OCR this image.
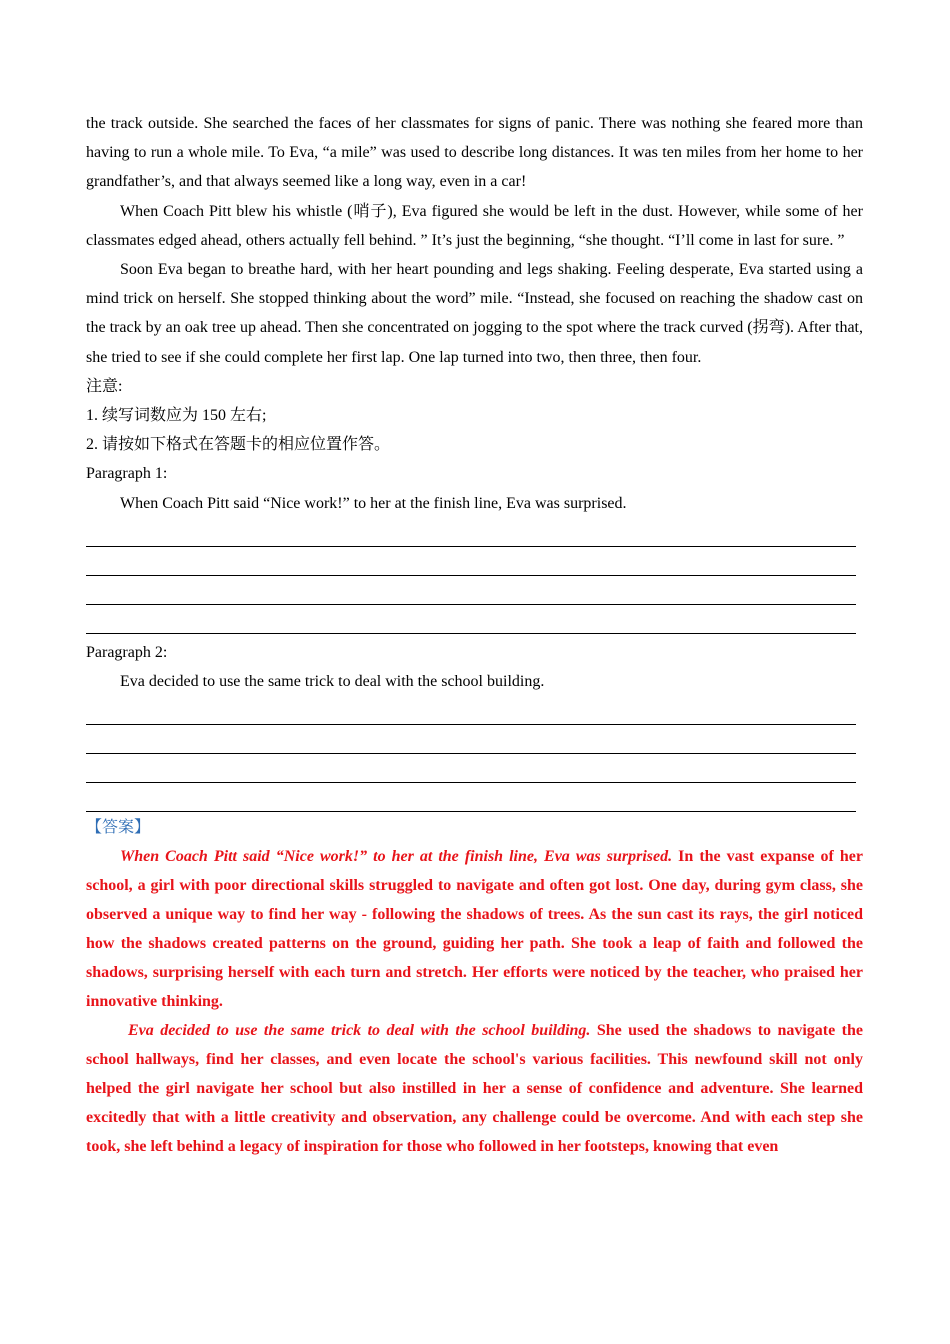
the track outside. She searched the faces of her classmates for signs of panic. There was nothing she feared more than having to run a whole mile. To Eva, “a mile” was used to describe long distances. It was ten miles from her home to her grandfather’s, and that always seemed like a long way, even in a car!

When Coach Pitt blew his whistle (哨子), Eva figured she would be left in the dust. However, while some of her classmates edged ahead, others actually fell behind. ” It’s just the beginning, “she thought. “I’ll come in last for sure. ”

Soon Eva began to breathe hard, with her heart pounding and legs shaking. Feeling desperate, Eva started using a mind trick on herself. She stopped thinking about the word” mile. “Instead, she focused on reaching the shadow cast on the track by an oak tree up ahead. Then she concentrated on jogging to the spot where the track curved (拐弯). After that, she tried to see if she could complete her first lap. One lap turned into two, then three, then four.

注意:

1. 续写词数应为 150 左右;

2. 请按如下格式在答题卡的相应位置作答。

Paragraph 1:

When Coach Pitt said “Nice work!” to her at the finish line, Eva was surprised.

Paragraph 2:

Eva decided to use the same trick to deal with the school building.

【答案】

When Coach Pitt said “Nice work!” to her at the finish line, Eva was surprised. In the vast expanse of her school, a girl with poor directional skills struggled to navigate and often got lost. One day, during gym class, she observed a unique way to find her way - following the shadows of trees. As the sun cast its rays, the girl noticed how the shadows created patterns on the ground, guiding her path. She took a leap of faith and followed the shadows, surprising herself with each turn and stretch. Her efforts were noticed by the teacher, who praised her innovative thinking.

Eva decided to use the same trick to deal with the school building. She used the shadows to navigate the school hallways, find her classes, and even locate the school's various facilities. This newfound skill not only helped the girl navigate her school but also instilled in her a sense of confidence and adventure. She learned excitedly that with a little creativity and observation, any challenge could be overcome. And with each step she took, she left behind a legacy of inspiration for those who followed in her footsteps, knowing that even
